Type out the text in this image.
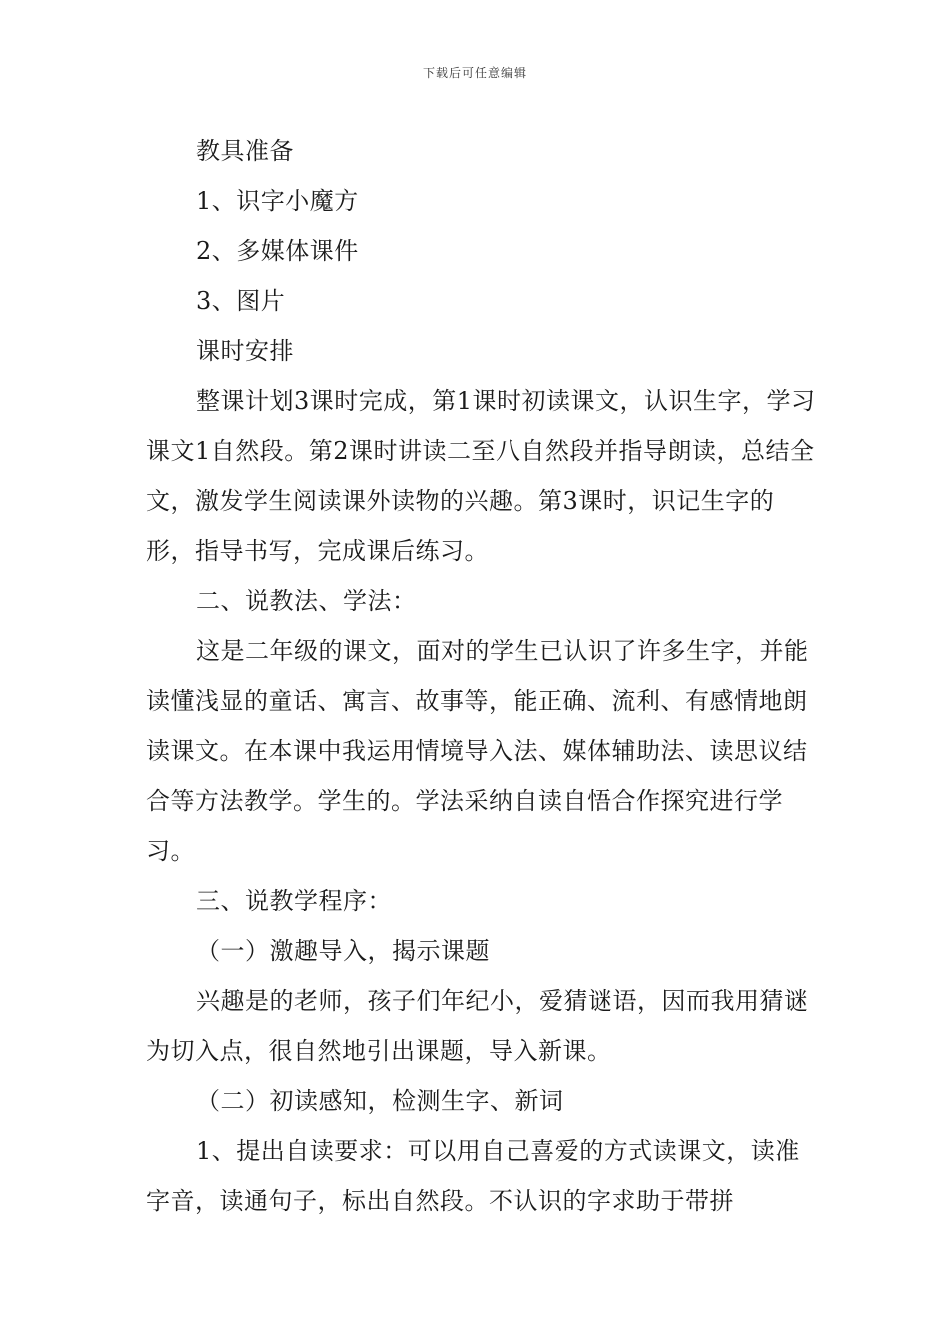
下载后可任意编辑

教具准备

1、识字小魔方

2、多媒体课件

3、图片

课时安排

整课计划3课时完成，第1课时初读课文，认识生字，学习课文1自然段。第2课时讲读二至八自然段并指导朗读，总结全文，激发学生阅读课外读物的兴趣。第3课时，识记生字的形，指导书写，完成课后练习。

二、说教法、学法：

这是二年级的课文，面对的学生已认识了许多生字，并能读懂浅显的童话、寓言、故事等，能正确、流利、有感情地朗读课文。在本课中我运用情境导入法、媒体辅助法、读思议结合等方法教学。学生的。学法采纳自读自悟合作探究进行学习。

三、说教学程序：

（一）激趣导入，揭示课题

兴趣是的老师，孩子们年纪小，爱猜谜语，因而我用猜谜为切入点，很自然地引出课题，导入新课。

（二）初读感知，检测生字、新词

1、提出自读要求：可以用自己喜爱的方式读课文，读准字音，读通句子，标出自然段。不认识的字求助于带拼
